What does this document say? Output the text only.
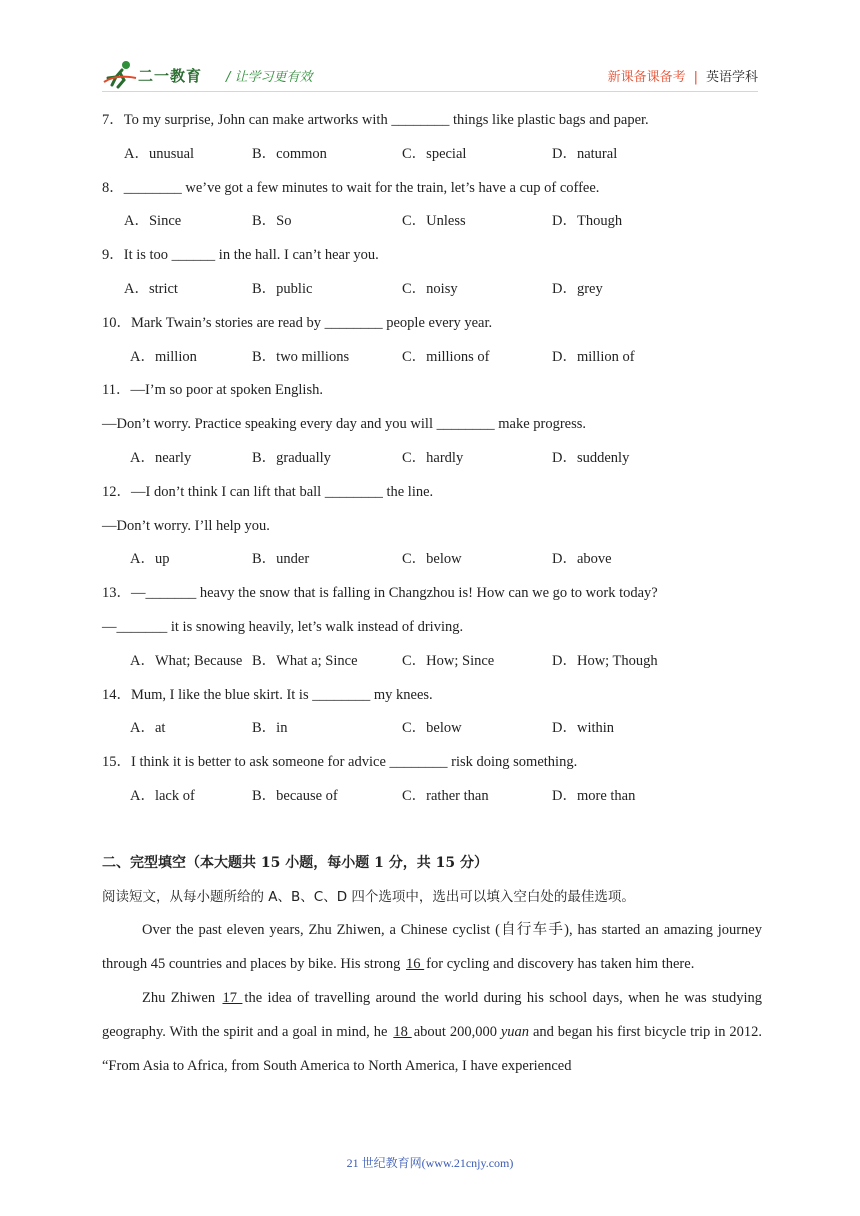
二一教育 / 让学习更有效	新课备课备考 | 英语学科
7．To my surprise, John can make artworks with ________ things like plastic bags and paper.
A．unusual	B．common	C．special	D．natural
8．________ we’ve got a few minutes to wait for the train, let’s have a cup of coffee.
A．Since	B．So	C．Unless	D．Though
9．It is too ______ in the hall. I can’t hear you.
A．strict	B．public	C．noisy	D．grey
10．Mark Twain’s stories are read by ________ people every year.
A．million	B．two millions	C．millions of	D．million of
11．—I’m so poor at spoken English.
—Don’t worry. Practice speaking every day and you will ________ make progress.
A．nearly	B．gradually	C．hardly	D．suddenly
12．—I don’t think I can lift that ball ________ the line.
—Don’t worry. I’ll help you.
A．up	B．under	C．below	D．above
13．—_______ heavy the snow that is falling in Changzhou is! How can we go to work today?
—_______ it is snowing heavily, let’s walk instead of driving.
A．What; Because B．What a; Since	C．How; Since	D．How; Though
14．Mum, I like the blue skirt. It is ________ my knees.
A．at	B．in	C．below	D．within
15．I think it is better to ask someone for advice ________ risk doing something.
A．lack of	B．because of	C．rather than	D．more than
二、完型填空（本大题共 15 小题，每小题 1 分，共 15 分）
阅读短文，从每小题所给的 A、B、C、D 四个选项中，选出可以填入空白处的最佳选项。

Over the past eleven years, Zhu Zhiwen, a Chinese cyclist (自行车手), has started an amazing journey through 45 countries and places by bike. His strong 16 for cycling and discovery has taken him there.

Zhu Zhiwen 17 the idea of travelling around the world during his school days, when he was studying geography. With the spirit and a goal in mind, he 18 about 200,000 yuan and began his first bicycle trip in 2012. “From Asia to Africa, from South America to North America, I have experienced

21 世纪教育网(www.21cnjy.com)
